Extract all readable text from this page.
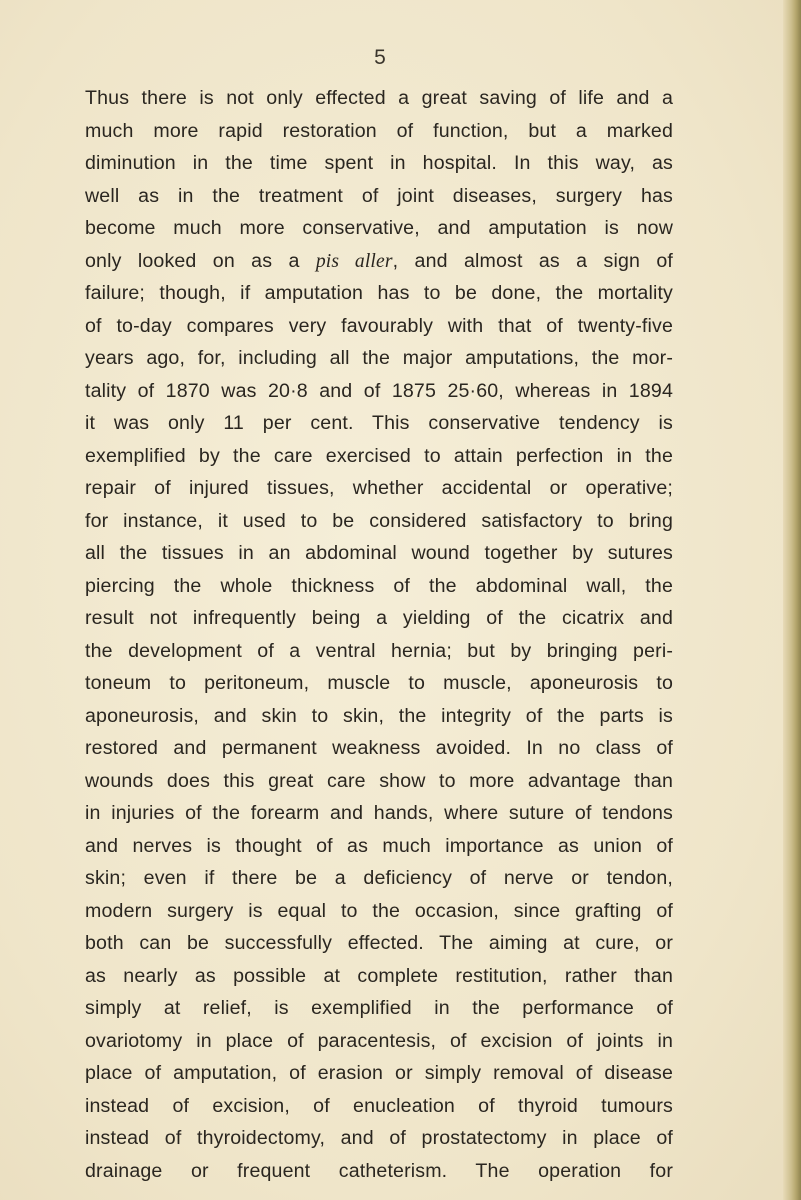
5
Thus there is not only effected a great saving of life and a
much more rapid restoration of function, but a marked
diminution in the time spent in hospital. In this way, as
well as in the treatment of joint diseases, surgery has
become much more conservative, and amputation is now
only looked on as a pis aller, and almost as a sign of
failure; though, if amputation has to be done, the mortality
of to-day compares very favourably with that of twenty-five
years ago, for, including all the major amputations, the mor-
tality of 1870 was 20·8 and of 1875 25·60, whereas in 1894
it was only 11 per cent. This conservative tendency is
exemplified by the care exercised to attain perfection in the
repair of injured tissues, whether accidental or operative;
for instance, it used to be considered satisfactory to bring
all the tissues in an abdominal wound together by sutures
piercing the whole thickness of the abdominal wall, the
result not infrequently being a yielding of the cicatrix and
the development of a ventral hernia; but by bringing peri-
toneum to peritoneum, muscle to muscle, aponeurosis to
aponeurosis, and skin to skin, the integrity of the parts is
restored and permanent weakness avoided. In no class of
wounds does this great care show to more advantage than
in injuries of the forearm and hands, where suture of tendons
and nerves is thought of as much importance as union of
skin; even if there be a deficiency of nerve or tendon,
modern surgery is equal to the occasion, since grafting of
both can be successfully effected. The aiming at cure, or
as nearly as possible at complete restitution, rather than
simply at relief, is exemplified in the performance of
ovariotomy in place of paracentesis, of excision of joints in
place of amputation, of erasion or simply removal of disease
instead of excision, of enucleation of thyroid tumours
instead of thyroidectomy, and of prostatectomy in place of
drainage or frequent catheterism. The operation for
